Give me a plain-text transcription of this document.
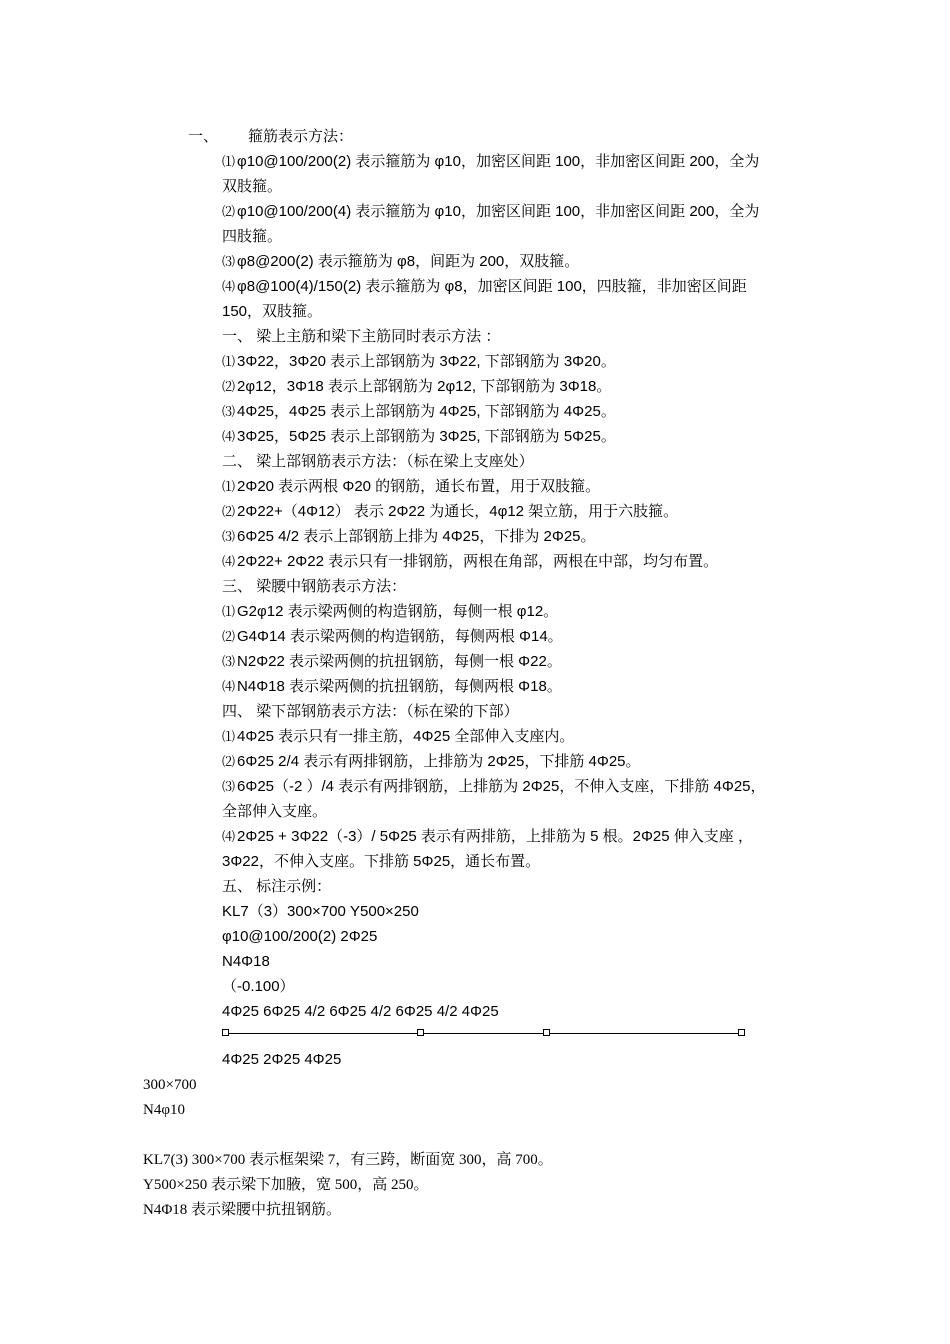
一、 箍筋表示方法：
⑴ φ10@100/200(2) 表示箍筋为 φ10，加密区间距 100，非加密区间距 200，全为
双肢箍。
⑵ φ10@100/200(4) 表示箍筋为 φ10，加密区间距 100，非加密区间距 200，全为
四肢箍。
⑶ φ8@200(2) 表示箍筋为 φ8，间距为 200，双肢箍。
⑷ φ8@100(4)/150(2) 表示箍筋为 φ8，加密区间距 100，四肢箍，非加密区间距
150，双肢箍。
一、 梁上主筋和梁下主筋同时表示方法 ：
⑴ 3Φ22，3Φ20 表示上部钢筋为 3Φ22, 下部钢筋为 3Φ20。
⑵ 2φ12，3Φ18 表示上部钢筋为 2φ12, 下部钢筋为 3Φ18。
⑶ 4Φ25，4Φ25 表示上部钢筋为 4Φ25, 下部钢筋为 4Φ25。
⑷ 3Φ25，5Φ25 表示上部钢筋为 3Φ25, 下部钢筋为 5Φ25。
二、 梁上部钢筋表示方法：（标在梁上支座处）
⑴ 2Φ20 表示两根 Φ20 的钢筋，通长布置，用于双肢箍。
⑵ 2Φ22+（4Φ12） 表示 2Φ22 为通长，4φ12 架立筋，用于六肢箍。
⑶ 6Φ25 4/2 表示上部钢筋上排为 4Φ25，下排为 2Φ25。
⑷ 2Φ22+ 2Φ22 表示只有一排钢筋，两根在角部，两根在中部，均匀布置。
三、 梁腰中钢筋表示方法：
⑴ G2φ12 表示梁两侧的构造钢筋，每侧一根 φ12。
⑵ G4Φ14 表示梁两侧的构造钢筋，每侧两根 Φ14。
⑶ N2Φ22 表示梁两侧的抗扭钢筋，每侧一根 Φ22。
⑷ N4Φ18 表示梁两侧的抗扭钢筋，每侧两根 Φ18。
四、 梁下部钢筋表示方法：（标在梁的下部）
⑴ 4Φ25 表示只有一排主筋，4Φ25 全部伸入支座内。
⑵ 6Φ25 2/4 表示有两排钢筋，上排筋为 2Φ25，下排筋 4Φ25。
⑶ 6Φ25（-2 ）/4 表示有两排钢筋，上排筋为 2Φ25，不伸入支座，下排筋 4Φ25，
全部伸入支座。
⑷ 2Φ25 + 3Φ22（-3）/ 5Φ25 表示有两排筋，上排筋为 5 根。2Φ25 伸入支座 ，
3Φ22，不伸入支座。下排筋 5Φ25，通长布置。
五、 标注示例：
KL7（3）300×700 Y500×250
φ10@100/200(2) 2Φ25
N4Φ18
（-0.100）
4Φ25 6Φ25 4/2 6Φ25 4/2 6Φ25 4/2 4Φ25
4Φ25 2Φ25 4Φ25
300×700
N4φ10
KL7(3) 300×700 表示框架梁 7，有三跨，断面宽 300，高 700。
Y500×250 表示梁下加腋，宽 500，高 250。
N4Φ18 表示梁腰中抗扭钢筋。
